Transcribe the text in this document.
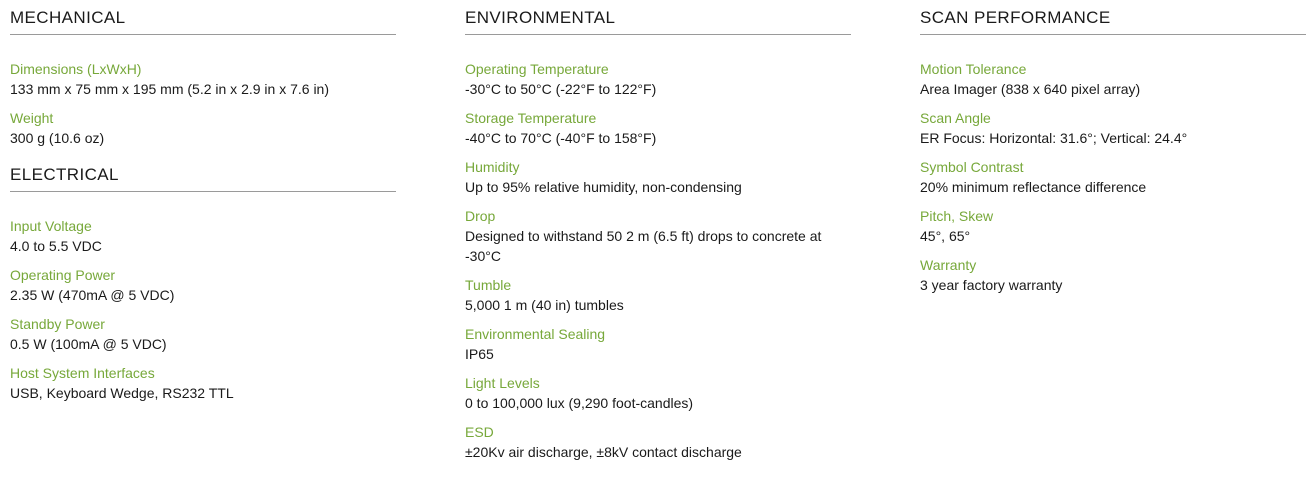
MECHANICAL
Dimensions (LxWxH)
133 mm x 75 mm x 195 mm (5.2 in x 2.9 in x 7.6 in)
Weight
300 g (10.6 oz)
ELECTRICAL
Input Voltage
4.0 to 5.5 VDC
Operating Power
2.35 W (470mA @ 5 VDC)
Standby Power
0.5 W (100mA @ 5 VDC)
Host System Interfaces
USB, Keyboard Wedge, RS232 TTL
ENVIRONMENTAL
Operating Temperature
-30°C to 50°C (-22°F to 122°F)
Storage Temperature
-40°C to 70°C (-40°F to 158°F)
Humidity
Up to 95% relative humidity, non-condensing
Drop
Designed to withstand 50 2 m (6.5 ft) drops to concrete at -30°C
Tumble
5,000 1 m (40 in) tumbles
Environmental Sealing
IP65
Light Levels
0 to 100,000 lux (9,290 foot-candles)
ESD
±20Kv air discharge, ±8kV contact discharge
SCAN PERFORMANCE
Motion Tolerance
Area Imager (838 x 640 pixel array)
Scan Angle
ER Focus: Horizontal: 31.6°; Vertical: 24.4°
Symbol Contrast
20% minimum reflectance difference
Pitch, Skew
45°, 65°
Warranty
3 year factory warranty
